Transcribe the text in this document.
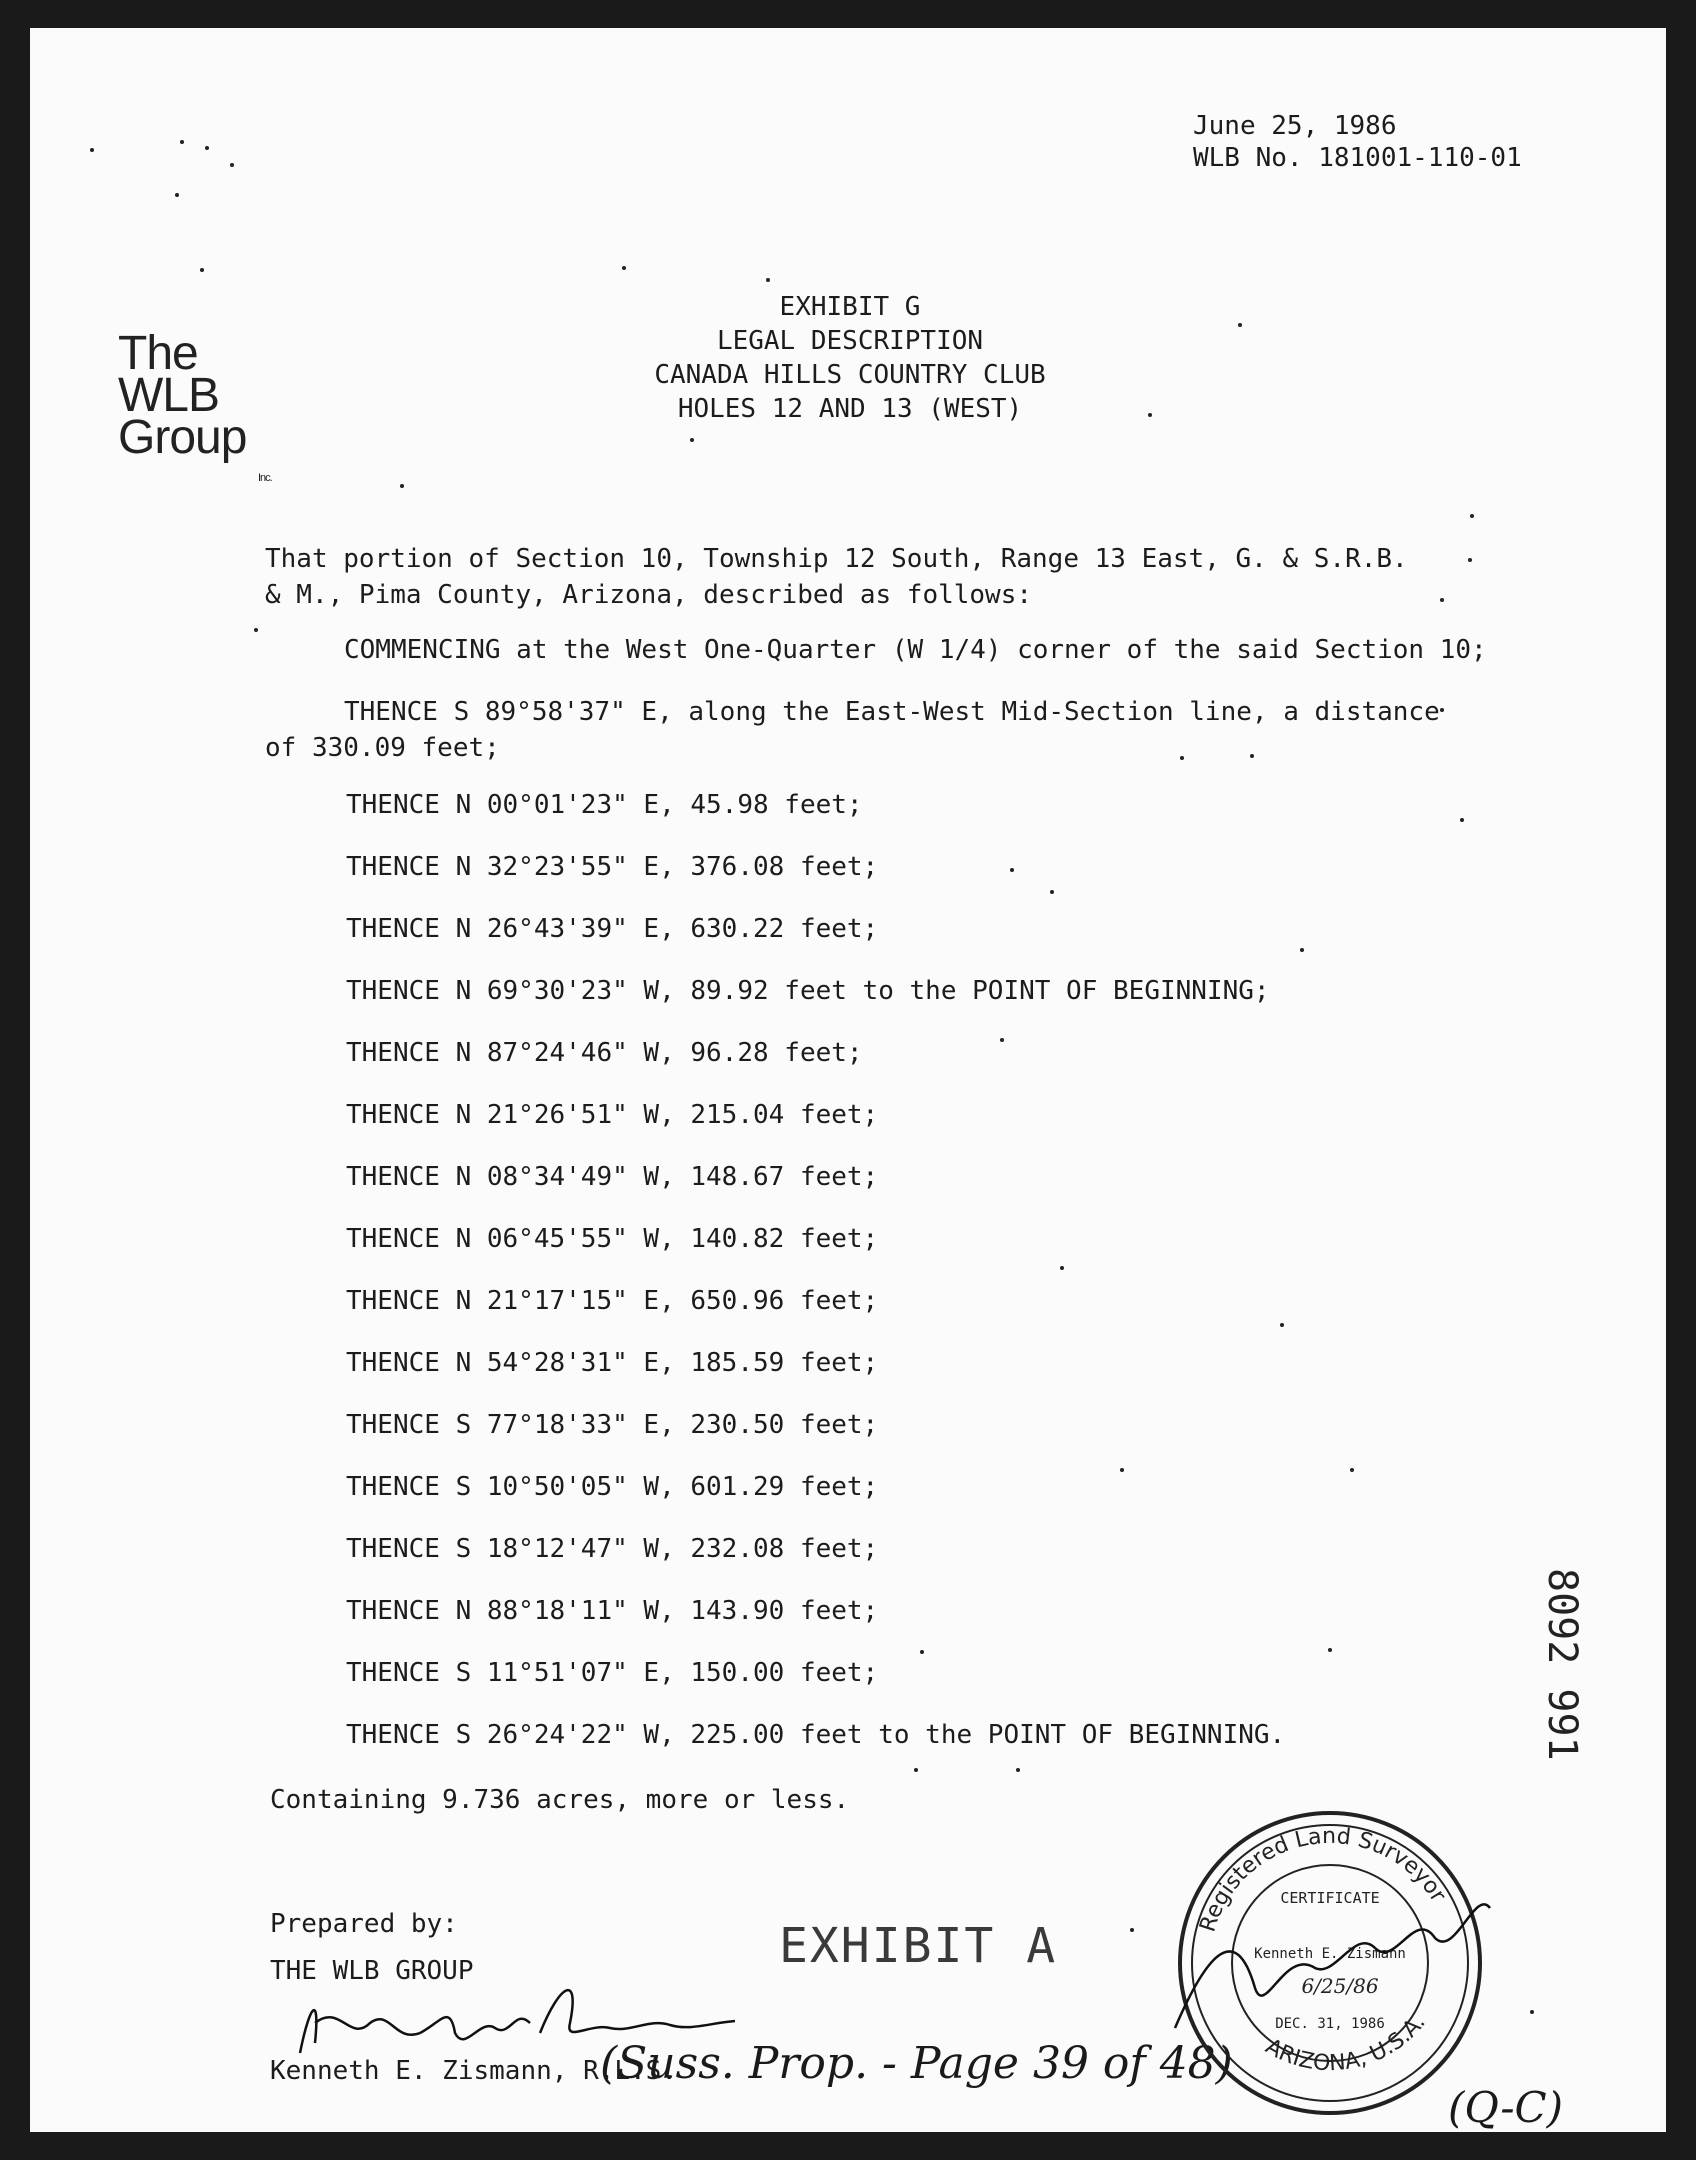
June 25, 1986
WLB No. 181001-110-01
The
WLB
Group
Inc.
EXHIBIT G
LEGAL DESCRIPTION
CANADA HILLS COUNTRY CLUB
HOLES 12 AND 13 (WEST)
That portion of Section 10, Township 12 South, Range 13 East, G. & S.R.B.
& M., Pima County, Arizona, described as follows:
COMMENCING at the West One-Quarter (W 1/4) corner of the said Section 10;
THENCE S 89°58'37" E, along the East-West Mid-Section line, a distance
of 330.09 feet;
THENCE N 00°01'23" E, 45.98 feet;
THENCE N 32°23'55" E, 376.08 feet;
THENCE N 26°43'39" E, 630.22 feet;
THENCE N 69°30'23" W, 89.92 feet to the POINT OF BEGINNING;
THENCE N 87°24'46" W, 96.28 feet;
THENCE N 21°26'51" W, 215.04 feet;
THENCE N 08°34'49" W, 148.67 feet;
THENCE N 06°45'55" W, 140.82 feet;
THENCE N 21°17'15" E, 650.96 feet;
THENCE N 54°28'31" E, 185.59 feet;
THENCE S 77°18'33" E, 230.50 feet;
THENCE S 10°50'05" W, 601.29 feet;
THENCE S 18°12'47" W, 232.08 feet;
THENCE N 88°18'11" W, 143.90 feet;
THENCE S 11°51'07" E, 150.00 feet;
THENCE S 26°24'22" W, 225.00 feet to the POINT OF BEGINNING.
Containing 9.736 acres, more or less.
Prepared by:
THE WLB GROUP
Kenneth E. Zismann, R.L.S.
EXHIBIT A
(Suss. Prop. - Page 39 of 48)
(Q-C)
8092 991
Registered Land Surveyor
ARIZONA, U.S.A.
CERTIFICATE
Kenneth E. Zismann
6/25/86
DEC. 31, 1986
